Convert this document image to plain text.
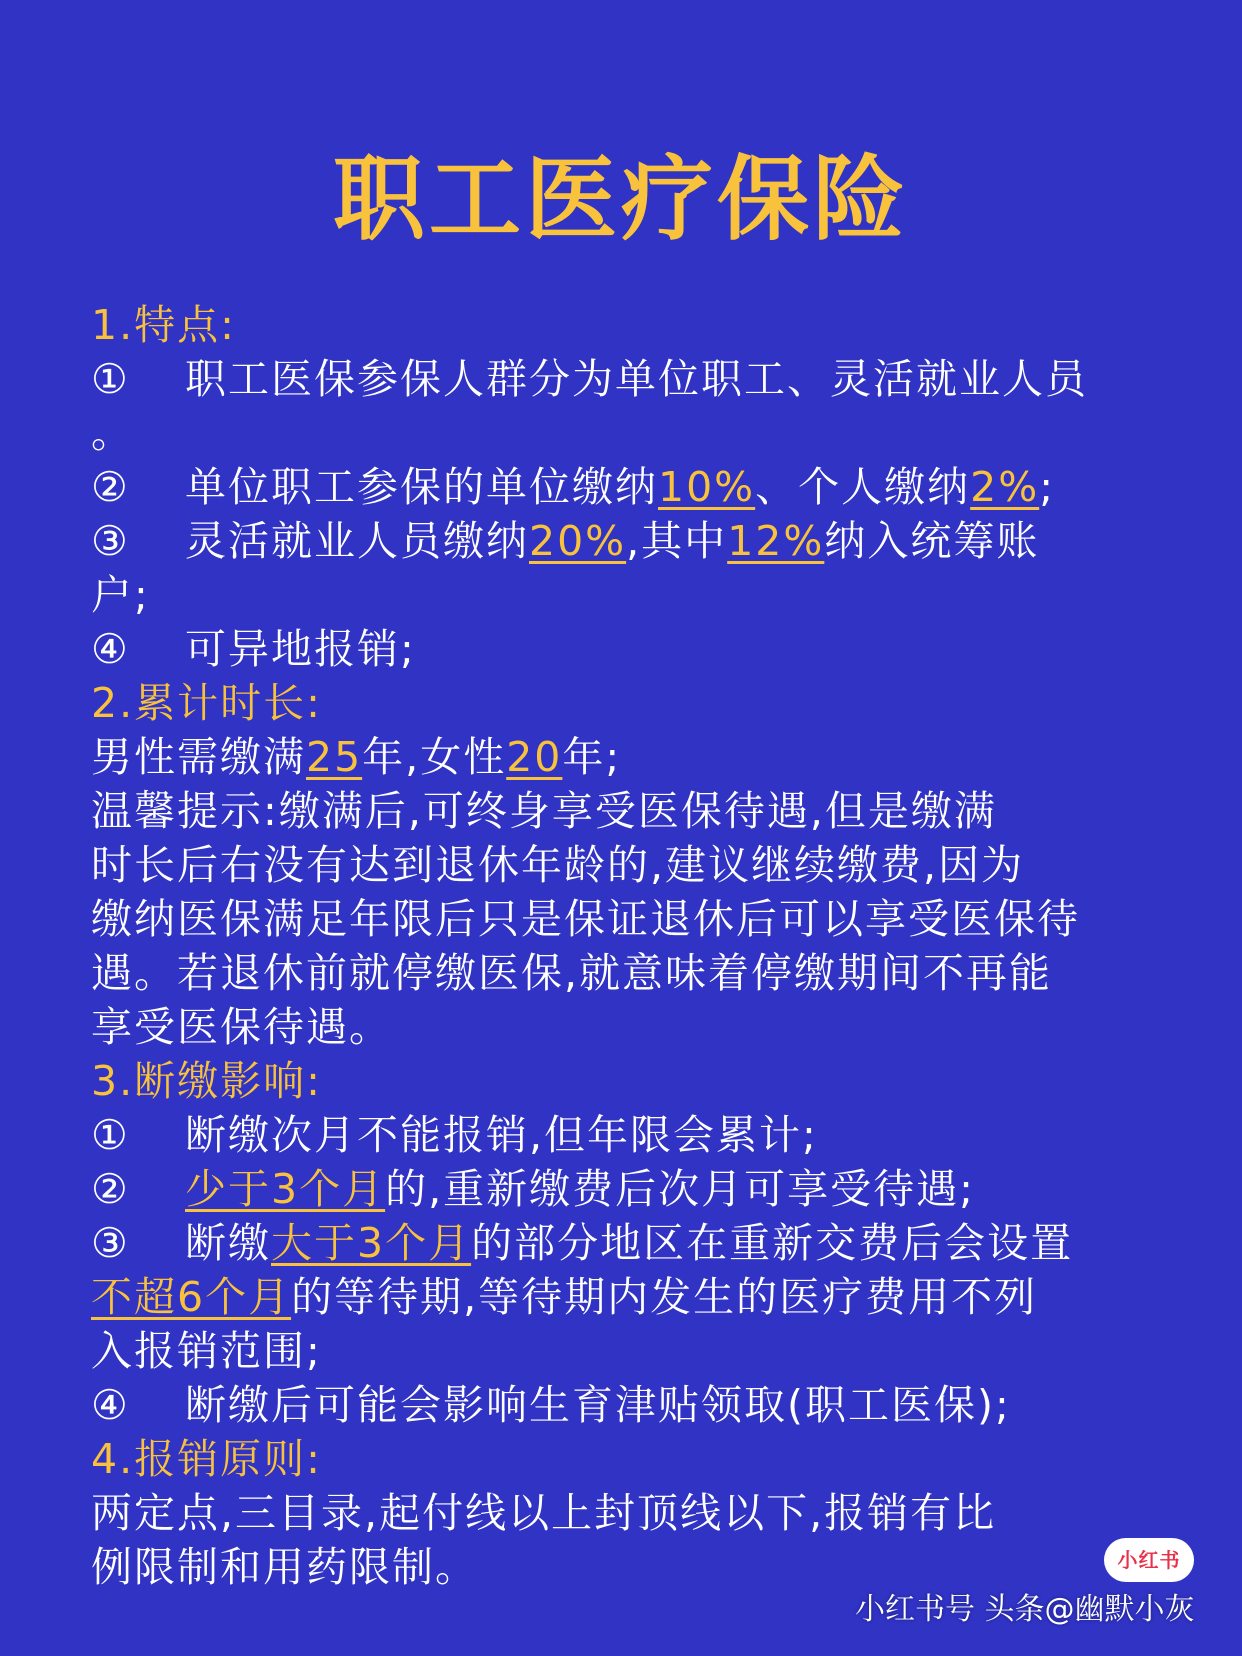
职工医疗保险

1.特点:

① 职工医保参保人群分为单位职工、灵活就业人员

。

② 单位职工参保的单位缴纳10%、个人缴纳2%;

③ 灵活就业人员缴纳20%,其中12%纳入统筹账

户;

④ 可异地报销;

2.累计时长:

男性需缴满25年,女性20年;

温馨提示:缴满后,可终身享受医保待遇,但是缴满

时长后右没有达到退休年龄的,建议继续缴费,因为

缴纳医保满足年限后只是保证退休后可以享受医保待

遇。若退休前就停缴医保,就意味着停缴期间不再能

享受医保待遇。

3.断缴影响:

① 断缴次月不能报销,但年限会累计;

② 少于3个月的,重新缴费后次月可享受待遇;

③ 断缴大于3个月的部分地区在重新交费后会设置

不超6个月的等待期,等待期内发生的医疗费用不列

入报销范围;

④ 断缴后可能会影响生育津贴领取(职工医保);

4.报销原则:

两定点,三目录,起付线以上封顶线以下,报销有比

例限制和用药限制。	小红书
小红书号 头条@幽默小灰
